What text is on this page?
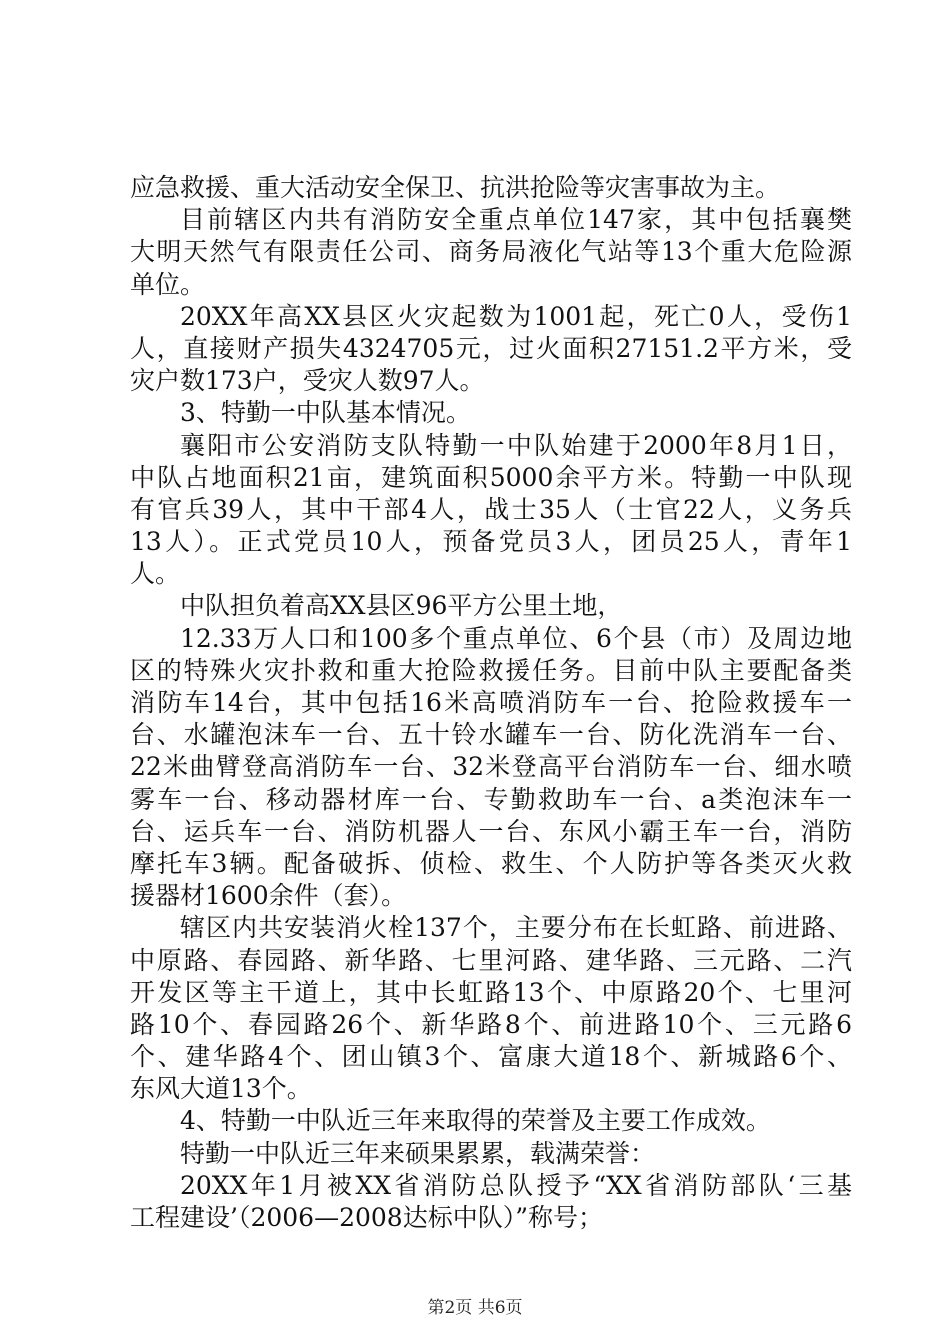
应急救援、重大活动安全保卫、抗洪抢险等灾害事故为主。
目前辖区内共有消防安全重点单位147家，其中包括襄樊
大明天然气有限责任公司、商务局液化气站等13个重大危险源
单位。
20XX年高XX县区火灾起数为1001起，死亡0人，受伤1
人，直接财产损失4324705元，过火面积27151.2平方米，受
灾户数173户，受灾人数97人。
3、特勤一中队基本情况。
襄阳市公安消防支队特勤一中队始建于2000年8月1日，
中队占地面积21亩，建筑面积5000余平方米。特勤一中队现
有官兵39人，其中干部4人，战士35人（士官22人，义务兵
13人）。正式党员10人，预备党员3人，团员25人，青年1
人。
中队担负着高XX县区96平方公里土地，
12.33万人口和100多个重点单位、6个县（市）及周边地
区的特殊火灾扑救和重大抢险救援任务。目前中队主要配备类
消防车14台，其中包括16米高喷消防车一台、抢险救援车一
台、水罐泡沫车一台、五十铃水罐车一台、防化洗消车一台、
22米曲臂登高消防车一台、32米登高平台消防车一台、细水喷
雾车一台、移动器材库一台、专勤救助车一台、a类泡沫车一
台、运兵车一台、消防机器人一台、东风小霸王车一台，消防
摩托车3辆。配备破拆、侦检、救生、个人防护等各类灭火救
援器材1600余件（套）。
辖区内共安装消火栓137个，主要分布在长虹路、前进路、
中原路、春园路、新华路、七里河路、建华路、三元路、二汽
开发区等主干道上，其中长虹路13个、中原路20个、七里河
路10个、春园路26个、新华路8个、前进路10个、三元路6
个、建华路4个、团山镇3个、富康大道18个、新城路6个、
东风大道13个。
4、特勤一中队近三年来取得的荣誉及主要工作成效。
特勤一中队近三年来硕果累累，载满荣誉：
20XX年1月被XX省消防总队授予“XX省消防部队‘三基
工程建设’（2006—2008达标中队）”称号；
第2页 共6页
